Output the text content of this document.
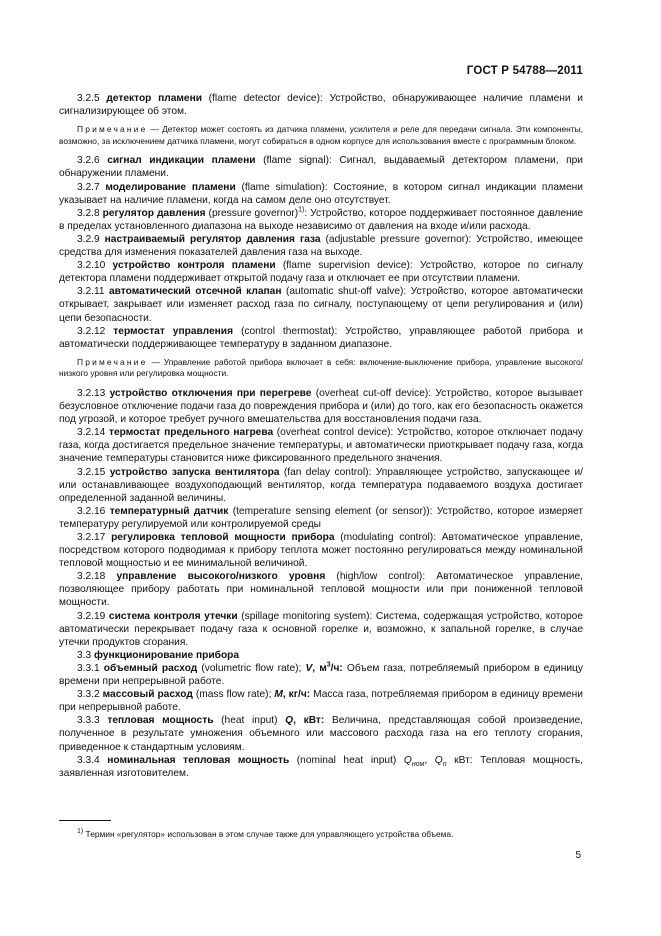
ГОСТ Р 54788—2011

3.2.5 детектор пламени (flame detector device): Устройство, обнаруживающее наличие пламени и сигнализирующее об этом.

Примечание — Детектор может состоять из датчика пламени, усилителя и реле для передачи сигнала. Эти компоненты, возможно, за исключением датчика пламени, могут собираться в одном корпусе для использования вместе с программным блоком.

3.2.6 сигнал индикации пламени (flame signal): Сигнал, выдаваемый детектором пламени, при обнаружении пламени.

3.2.7 моделирование пламени (flame simulation): Состояние, в котором сигнал индикации пламени указывает на наличие пламени, когда на самом деле оно отсутствует.

3.2.8 регулятор давления (pressure governor)$^{1)}$: Устройство, которое поддерживает постоянное давление в пределах установленного диапазона на выходе независимо от давления на входе и/или расхода.

3.2.9 настраиваемый регулятор давления газа (adjustable pressure governor): Устройство, имеющее средства для изменения показателей давления газа на выходе.

3.2.10 устройство контроля пламени (flame supervision device): Устройство, которое по сигналу детектора пламени поддерживает открытой подачу газа и отключает ее при отсутствии пламени.

3.2.11 автоматический отсечной клапан (automatic shut-off valve): Устройство, которое автоматически открывает, закрывает или изменяет расход газа по сигналу, поступающему от цепи регулирования и (или) цепи безопасности.

3.2.12 термостат управления (control thermostat): Устройство, управляющее работой прибора и автоматически поддерживающее температуру в заданном диапазоне.

Примечание — Управление работой прибора включает в себя: включение-выключение прибора, управление высокого/низкого уровня или регулировка мощности.

3.2.13 устройство отключения при перегреве (overheat cut-off device): Устройство, которое вызывает безусловное отключение подачи газа до повреждения прибора и (или) до того, как его безопасность окажется под угрозой, и которое требует ручного вмешательства для восстановления подачи газа.

3.2.14 термостат предельного нагрева (overheat control device): Устройство, которое отключает подачу газа, когда достигается предельное значение температуры, и автоматически приоткрывает подачу газа, когда значение температуры становится ниже фиксированного предельного значения.

3.2.15 устройство запуска вентилятора (fan delay control): Управляющее устройство, запускающее и/или останавливающее воздухоподающий вентилятор, когда температура подаваемого воздуха достигает определенной заданной величины.

3.2.16 температурный датчик (temperature sensing element (or sensor)): Устройство, которое измеряет температуру регулируемой или контролируемой среды

3.2.17 регулировка тепловой мощности прибора (modulating control): Автоматическое управление, посредством которого подводимая к прибору теплота может постоянно регулироваться между номинальной тепловой мощностью и ее минимальной величиной.

3.2.18 управление высокого/низкого уровня (high/low control): Автоматическое управление, позволяющее прибору работать при номинальной тепловой мощности или при пониженной тепловой мощности.

3.2.19 система контроля утечки (spillage monitoring system): Система, содержащая устройство, которое автоматически перекрывает подачу газа к основной горелке и, возможно, к запальной горелке, в случае утечки продуктов сгорания.

3.3 функционирование прибора

3.3.1 объемный расход (volumetric flow rate); V, $м^3/ч$: Объем газа, потребляемый прибором в единицу времени при непрерывной работе.

3.3.2 массовый расход (mass flow rate); M, кг/ч: Масса газа, потребляемая прибором в единицу времени при непрерывной работе.

3.3.3 тепловая мощность (heat input) Q, кВт: Величина, представляющая собой произведение, полученное в результате умножения объемного или массового расхода газа на его теплоту сгорания, приведенное к стандартным условиям.

3.3.4 номинальная тепловая мощность (nominal heat input) $Q_{ном}$, $Q_n$ кВт: Тепловая мощность, заявленная изготовителем.

$^{1)}$ Термин «регулятор» использован в этом случае также для управляющего устройства объема.
5
